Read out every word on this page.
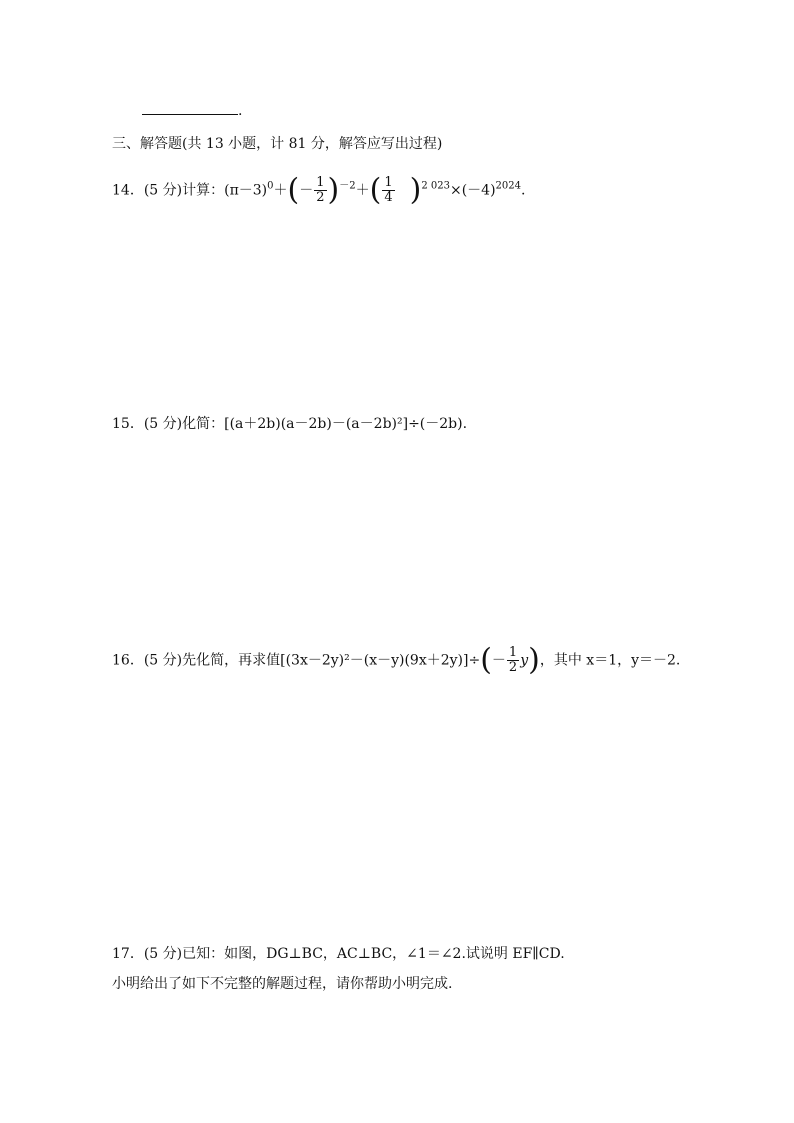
.
三、解答题(共 13 小题，计 81 分，解答应写出过程)
14．(5 分)计算：$(\pi-3)^0+(- \frac{1}{2} )^{-2}+( \frac{1}{4} )^{2 023}\times(-4)^{2024}$.
15．(5 分)化简：[(a＋2b)(a－2b)－(a－2b)²]÷(－2b).
16．(5 分)先化简，再求值$[(3x-2y)^2-(x-y)(9x+2y)]\div(- \frac{1}{2} y)$，其中 x＝1，y＝－2.
17．(5 分)已知：如图，DG⊥BC，AC⊥BC，∠1＝∠2.试说明 EF∥CD.
小明给出了如下不完整的解题过程，请你帮助小明完成.
